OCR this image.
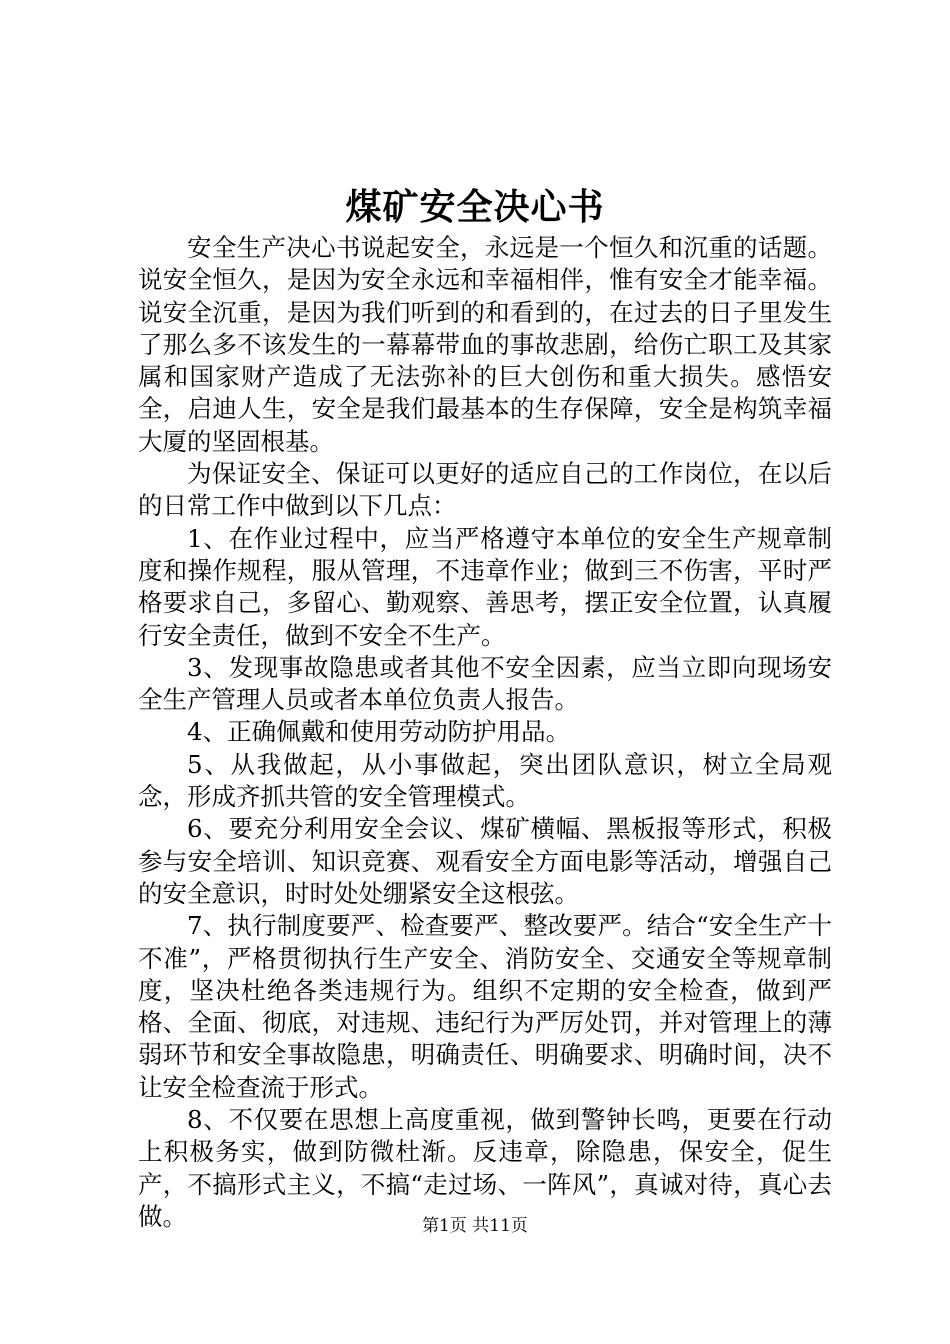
煤矿安全决心书

安全生产决心书说起安全，永远是一个恒久和沉重的话题。说安全恒久，是因为安全永远和幸福相伴，惟有安全才能幸福。说安全沉重，是因为我们听到的和看到的，在过去的日子里发生了那么多不该发生的一幕幕带血的事故悲剧，给伤亡职工及其家属和国家财产造成了无法弥补的巨大创伤和重大损失。感悟安全，启迪人生，安全是我们最基本的生存保障，安全是构筑幸福大厦的坚固根基。

为保证安全、保证可以更好的适应自己的工作岗位，在以后的日常工作中做到以下几点：

1、在作业过程中，应当严格遵守本单位的安全生产规章制度和操作规程，服从管理，不违章作业；做到三不伤害，平时严格要求自己，多留心、勤观察、善思考，摆正安全位置，认真履行安全责任，做到不安全不生产。

3、发现事故隐患或者其他不安全因素，应当立即向现场安全生产管理人员或者本单位负责人报告。

4、正确佩戴和使用劳动防护用品。

5、从我做起，从小事做起，突出团队意识，树立全局观念，形成齐抓共管的安全管理模式。

6、要充分利用安全会议、煤矿横幅、黑板报等形式，积极参与安全培训、知识竞赛、观看安全方面电影等活动，增强自己的安全意识，时时处处绷紧安全这根弦。

7、执行制度要严、检查要严、整改要严。结合“安全生产十不准”，严格贯彻执行生产安全、消防安全、交通安全等规章制度，坚决杜绝各类违规行为。组织不定期的安全检查，做到严格、全面、彻底，对违规、违纪行为严厉处罚，并对管理上的薄弱环节和安全事故隐患，明确责任、明确要求、明确时间，决不让安全检查流于形式。

8、不仅要在思想上高度重视，做到警钟长鸣，更要在行动上积极务实，做到防微杜渐。反违章，除隐患，保安全，促生产，不搞形式主义，不搞“走过场、一阵风”，真诚对待，真心去做。	第1页 共11页
